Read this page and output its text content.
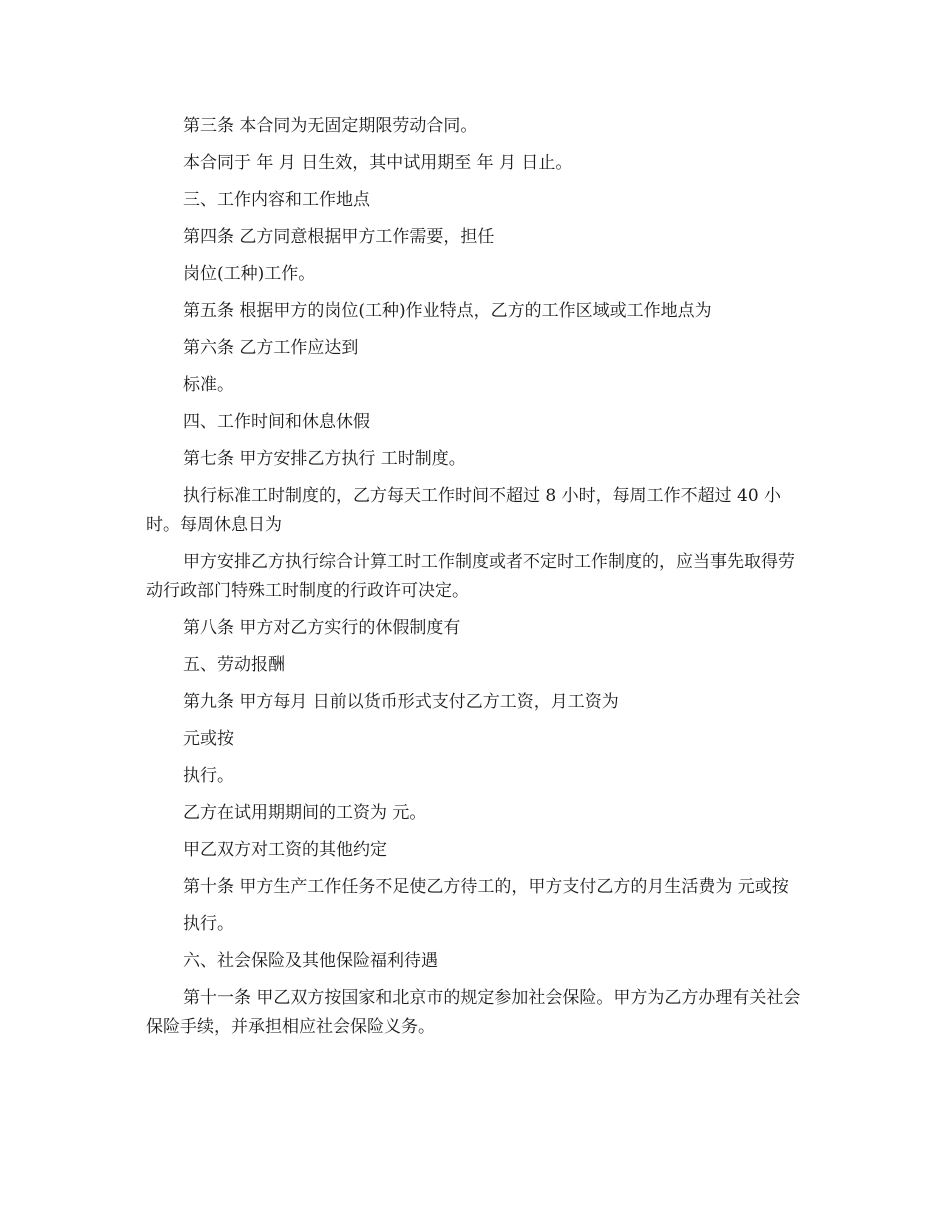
第三条 本合同为无固定期限劳动合同。

本合同于 年 月 日生效，其中试用期至 年 月 日止。

三、工作内容和工作地点

第四条 乙方同意根据甲方工作需要，担任

岗位(工种)工作。

第五条 根据甲方的岗位(工种)作业特点，乙方的工作区域或工作地点为

第六条 乙方工作应达到

标准。

四、工作时间和休息休假

第七条 甲方安排乙方执行 工时制度。

执行标准工时制度的，乙方每天工作时间不超过 8 小时，每周工作不超过 40 小时。每周休息日为

甲方安排乙方执行综合计算工时工作制度或者不定时工作制度的，应当事先取得劳动行政部门特殊工时制度的行政许可决定。

第八条 甲方对乙方实行的休假制度有

五、劳动报酬

第九条 甲方每月 日前以货币形式支付乙方工资，月工资为

元或按

执行。

乙方在试用期期间的工资为 元。

甲乙双方对工资的其他约定

第十条 甲方生产工作任务不足使乙方待工的，甲方支付乙方的月生活费为 元或按

执行。

六、社会保险及其他保险福利待遇

第十一条 甲乙双方按国家和北京市的规定参加社会保险。甲方为乙方办理有关社会保险手续，并承担相应社会保险义务。
